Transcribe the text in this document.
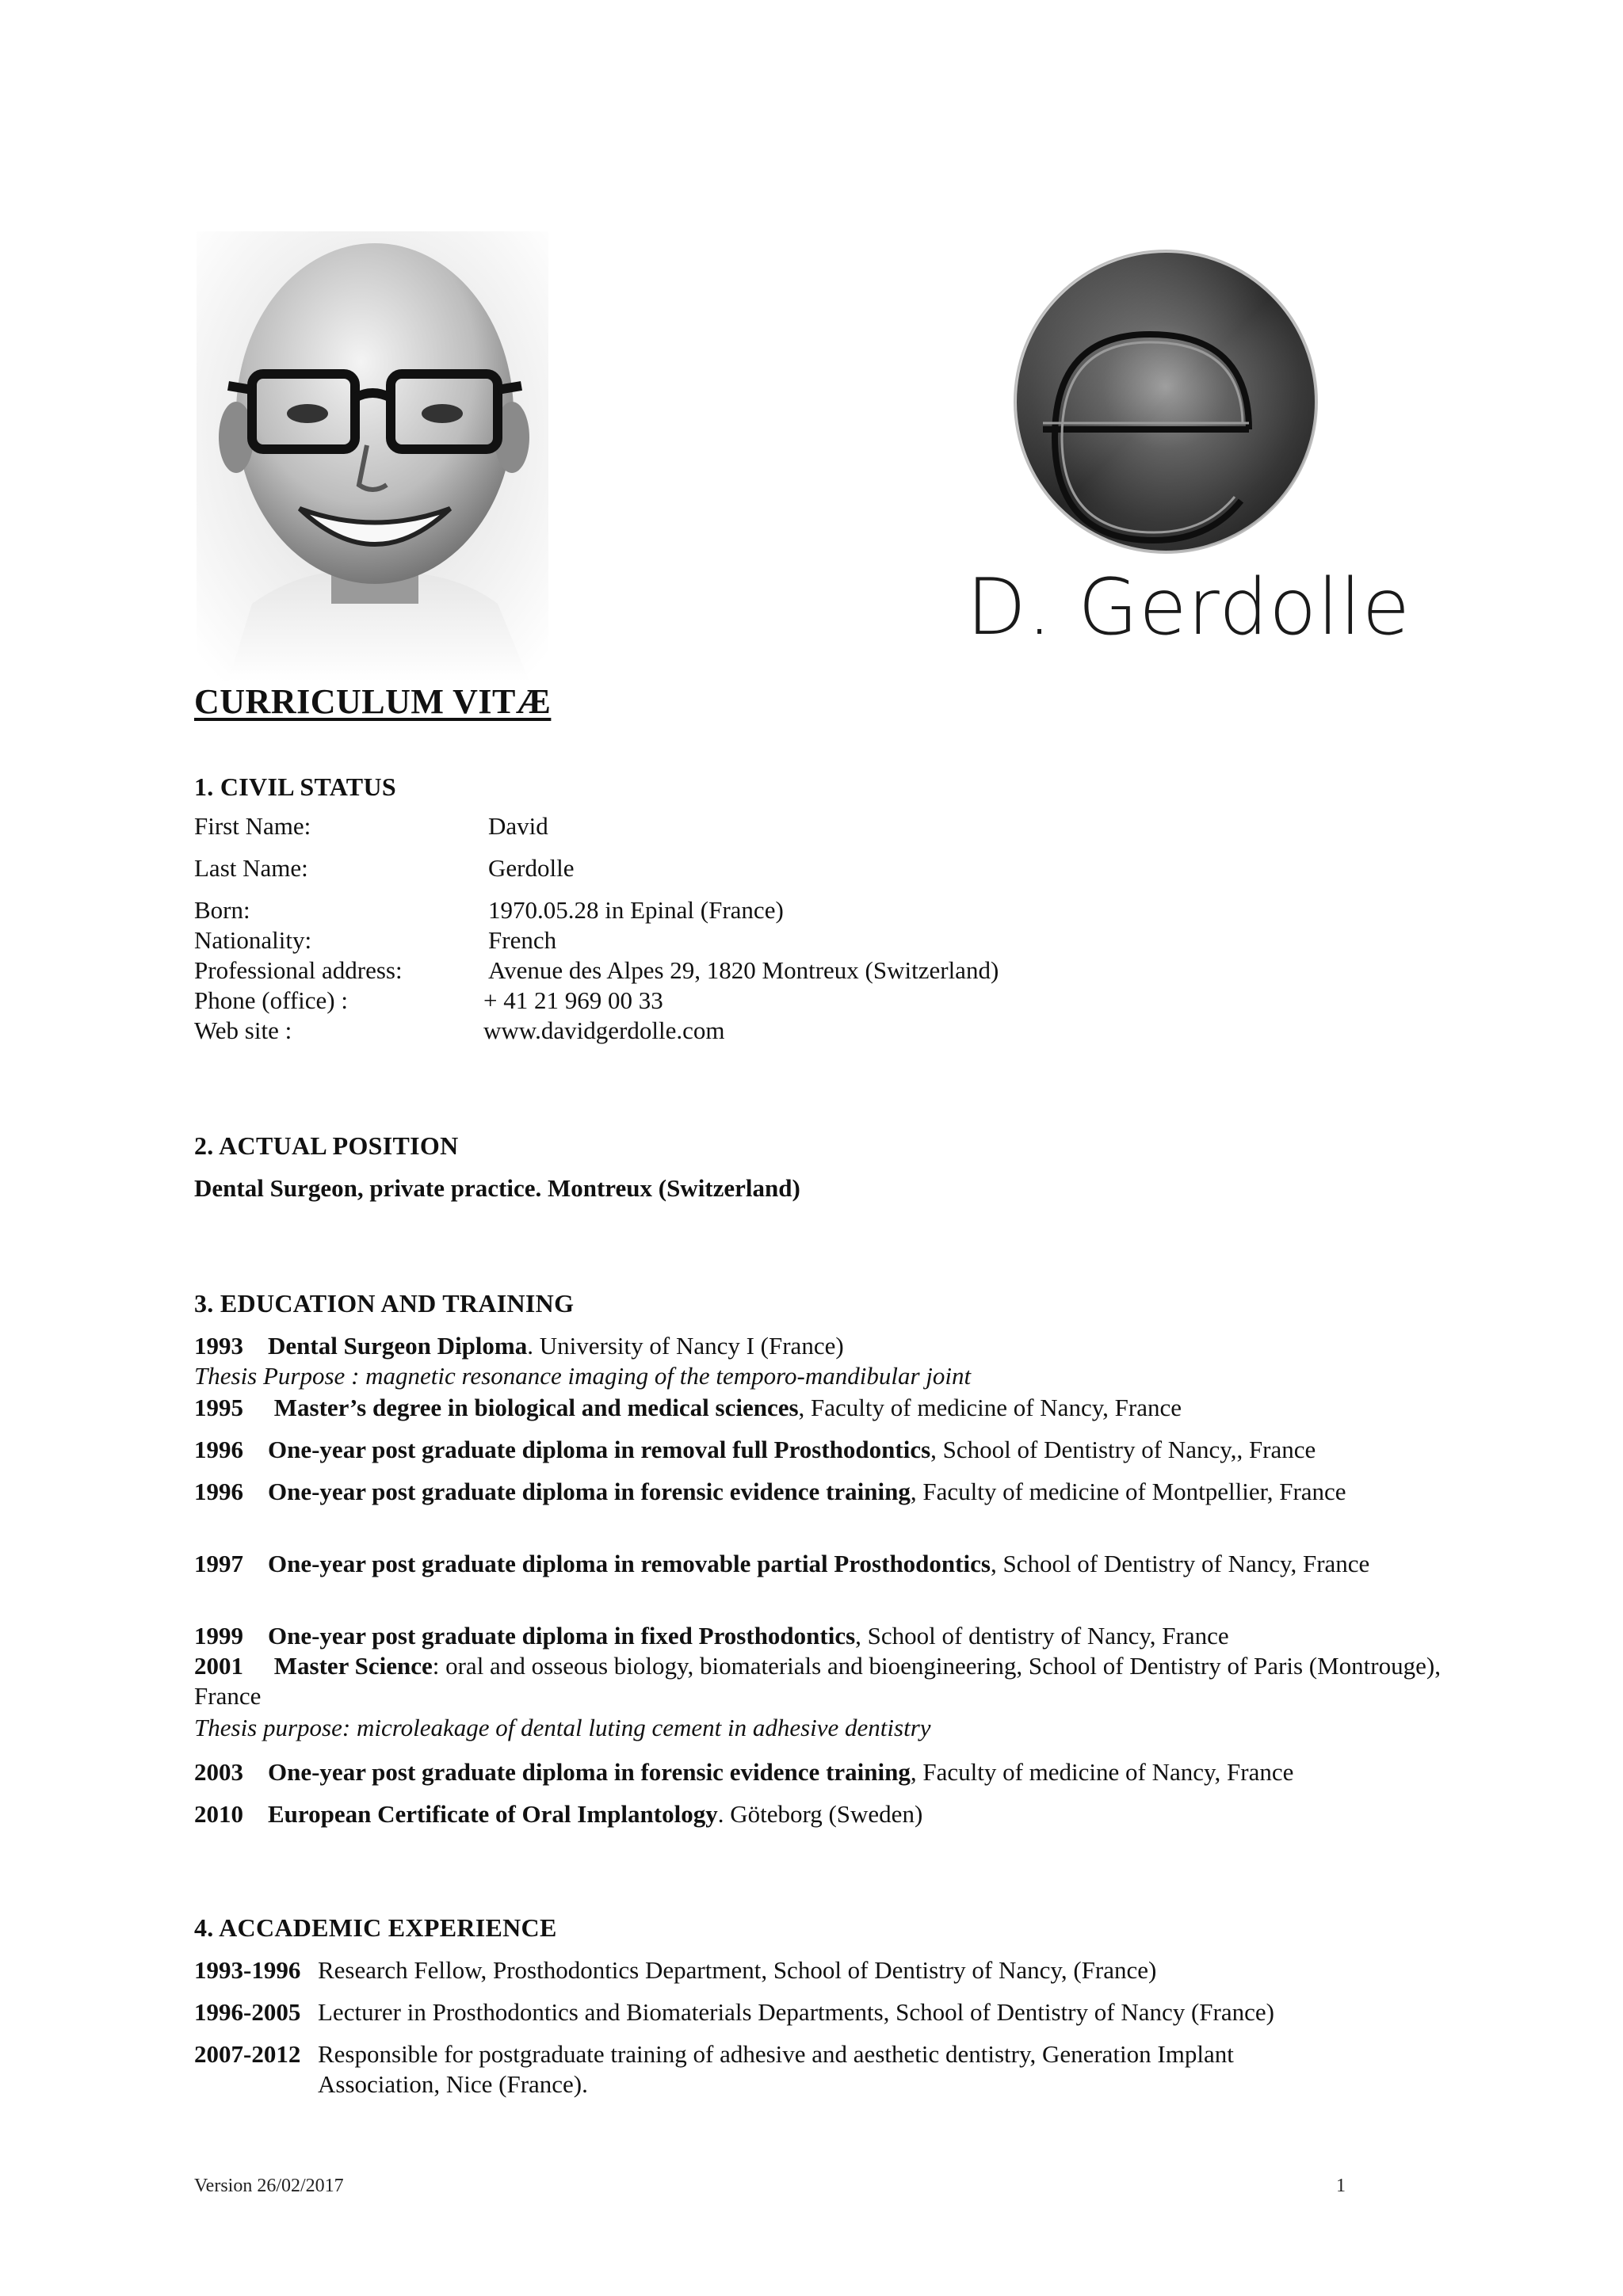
D. Gerdolle
CURRICULUM VITÆ
1. CIVIL STATUS
First Name:	David
Last Name:	Gerdolle
Born:	1970.05.28 in Epinal (France)
Nationality:	French
Professional address:	Avenue des Alpes 29, 1820 Montreux (Switzerland)
Phone (office) :	+ 41 21 969 00 33
Web site :	www.davidgerdolle.com
2. ACTUAL POSITION
Dental Surgeon, private practice. Montreux (Switzerland)
3. EDUCATION AND TRAINING
1993 Dental Surgeon Diploma. University of Nancy I (France)
Thesis Purpose : magnetic resonance imaging of the temporo-mandibular joint
1995 Master’s degree in biological and medical sciences, Faculty of medicine of Nancy, France
1996 One-year post graduate diploma in removal full Prosthodontics, School of Dentistry of Nancy,, France
1996 One-year post graduate diploma in forensic evidence training, Faculty of medicine of Montpellier, France
1997 One-year post graduate diploma in removable partial Prosthodontics, School of Dentistry of Nancy, France
1999 One-year post graduate diploma in fixed Prosthodontics, School of dentistry of Nancy, France
2001 Master Science: oral and osseous biology, biomaterials and bioengineering, School of Dentistry of Paris (Montrouge), France
Thesis purpose: microleakage of dental luting cement in adhesive dentistry
2003 One-year post graduate diploma in forensic evidence training, Faculty of medicine of Nancy, France
2010 European Certificate of Oral Implantology. Göteborg (Sweden)
4. ACCADEMIC EXPERIENCE
1993-1996 Research Fellow, Prosthodontics Department, School of Dentistry of Nancy, (France)
1996-2005 Lecturer in Prosthodontics and Biomaterials Departments, School of Dentistry of Nancy (France)
2007-2012 Responsible for postgraduate training of adhesive and aesthetic dentistry, Generation Implant Association, Nice (France).
Version 26/02/2017	1
